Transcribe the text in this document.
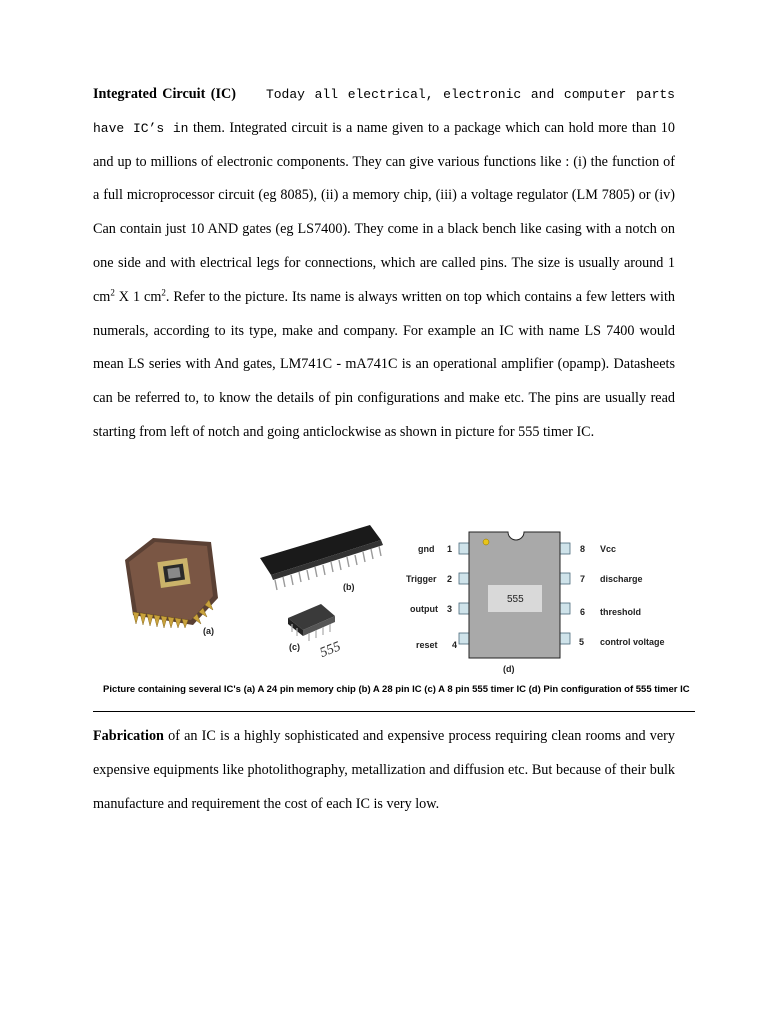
Integrated Circuit (IC) Today all electrical, electronic and computer parts have IC’s in them. Integrated circuit is a name given to a package which can hold more than 10 and up to millions of electronic components. They can give various functions like : (i) the function of a full microprocessor circuit (eg 8085), (ii) a memory chip, (iii) a voltage regulator (LM 7805) or (iv) Can contain just 10 AND gates (eg LS7400). They come in a black bench like casing with a notch on one side and with electrical legs for connections, which are called pins. The size is usually around 1 $cm^2$ X 1 $cm^2$. Refer to the picture. Its name is always written on top which contains a few letters with numerals, according to its type, make and company. For example an IC with name LS 7400 would mean LS series with And gates, LM741C - mA741C is an operational amplifier (opamp). Datasheets can be referred to, to know the details of pin configurations and make etc. The pins are usually read starting from left of notch and going anticlockwise as shown in picture for 555 timer IC.

(a)
(b)
555
(c)
555
gnd 1
Trigger 2
output 3
reset 4
8 Vcc
7 discharge
6 threshold
5 control voltage
(d)
Picture containing several IC's (a) A 24 pin memory chip (b) A 28 pin IC (c) A 8 pin 555 timer IC (d) Pin configuration of 555 timer IC

Fabrication of an IC is a highly sophisticated and expensive process requiring clean rooms and very expensive equipments like photolithography, metallization and diffusion etc. But because of their bulk manufacture and requirement the cost of each IC is very low.
